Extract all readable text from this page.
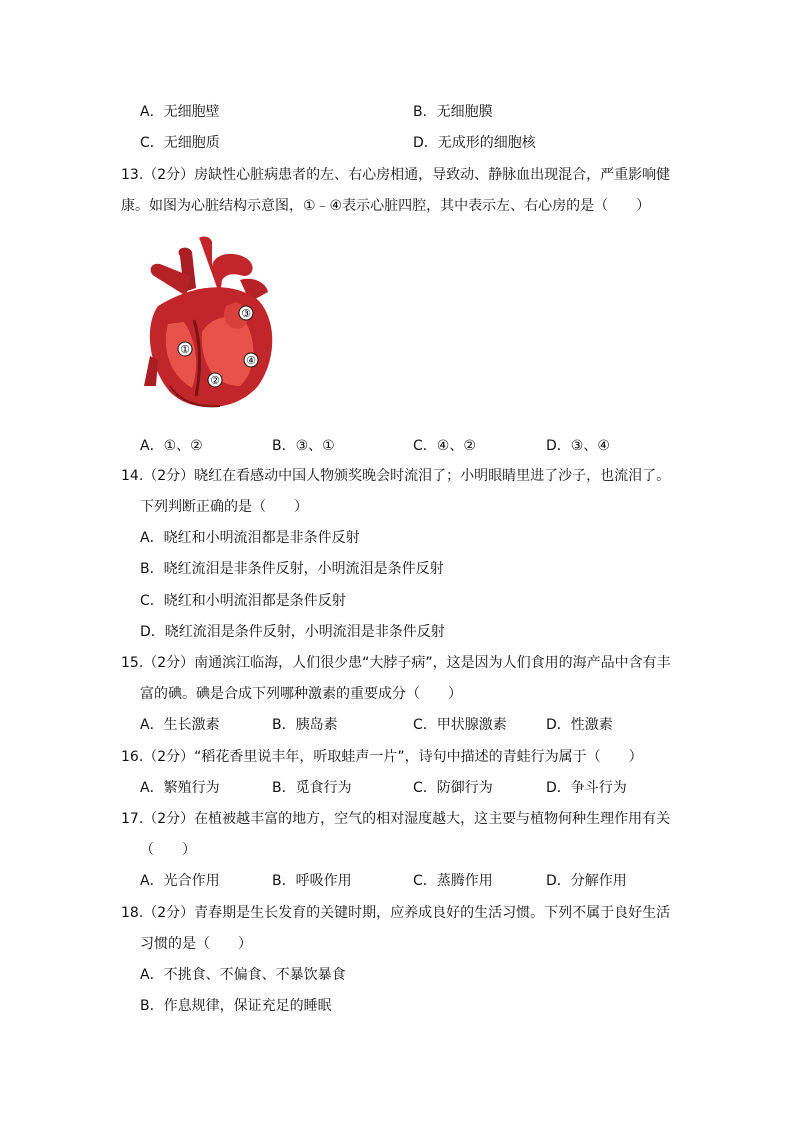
A．无细胞壁	B．无细胞膜
C．无细胞质	D．无成形的细胞核
13.（2分）房缺性心脏病患者的左、右心房相通，导致动、静脉血出现混合，严重影响健
康。如图为心脏结构示意图，①﹣④表示心脏四腔，其中表示左、右心房的是（　　）
①
②
③
④
A．①、②	B．③、①	C．④、②	D．③、④
14.（2分）晓红在看感动中国人物颁奖晚会时流泪了；小明眼睛里进了沙子，也流泪了。
下列判断正确的是（　　）
A．晓红和小明流泪都是非条件反射
B．晓红流泪是非条件反射，小明流泪是条件反射
C．晓红和小明流泪都是条件反射
D．晓红流泪是条件反射，小明流泪是非条件反射
15.（2分）南通滨江临海，人们很少患“大脖子病”，这是因为人们食用的海产品中含有丰
富的碘。碘是合成下列哪种激素的重要成分（　　）
A．生长激素	B．胰岛素	C．甲状腺激素	D．性激素
16.（2分）“稻花香里说丰年，听取蛙声一片”，诗句中描述的青蛙行为属于（　　）
A．繁殖行为	B．觅食行为	C．防御行为	D．争斗行为
17.（2分）在植被越丰富的地方，空气的相对湿度越大，这主要与植物何种生理作用有关
（　　）
A．光合作用	B．呼吸作用	C．蒸腾作用	D．分解作用
18.（2分）青春期是生长发育的关键时期，应养成良好的生活习惯。下列不属于良好生活
习惯的是（　　）
A．不挑食、不偏食、不暴饮暴食
B．作息规律，保证充足的睡眠
